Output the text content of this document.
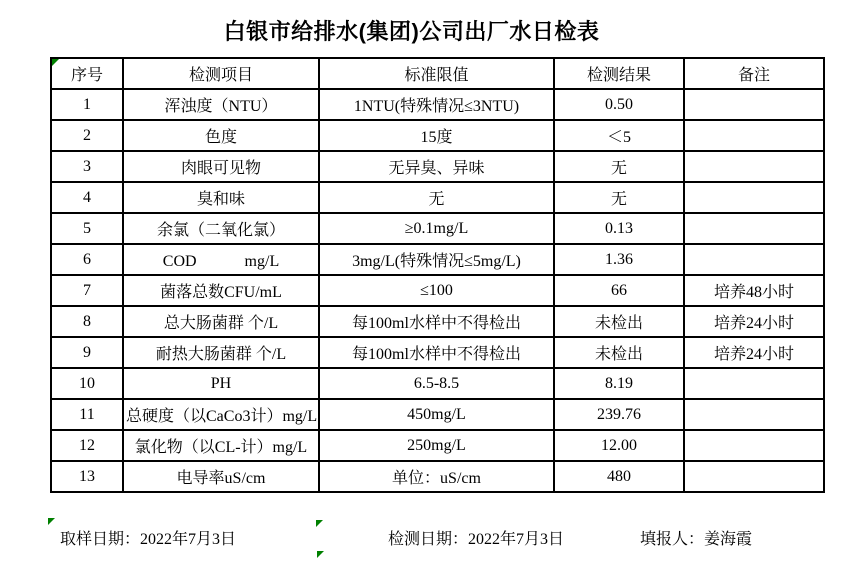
白银市给排水(集团)公司出厂水日检表
序号	检测项目	标准限值	检测结果	备注
1	浑浊度（NTU）	1NTU(特殊情况≤3NTU)	0.50	
2	色度	15度	＜5	
3	肉眼可见物	无异臭、异味	无	
4	臭和味	无	无	
5	余氯（二氧化氯）	≥0.1mg/L	0.13	
6	COD　　　mg/L	3mg/L(特殊情况≤5mg/L)	1.36	
7	菌落总数CFU/mL	≤100	66	培养48小时
8	总大肠菌群 个/L	每100ml水样中不得检出	未检出	培养24小时
9	耐热大肠菌群 个/L	每100ml水样中不得检出	未检出	培养24小时
10	PH	6.5-8.5	8.19	
11	总硬度（以CaCo3计）mg/L	450mg/L	239.76	
12	氯化物（以CL-计）mg/L	250mg/L	12.00	
13	电导率uS/cm	单位：uS/cm	480	
取样日期：2022年7月3日	检测日期：2022年7月3日	填报人：姜海霞
